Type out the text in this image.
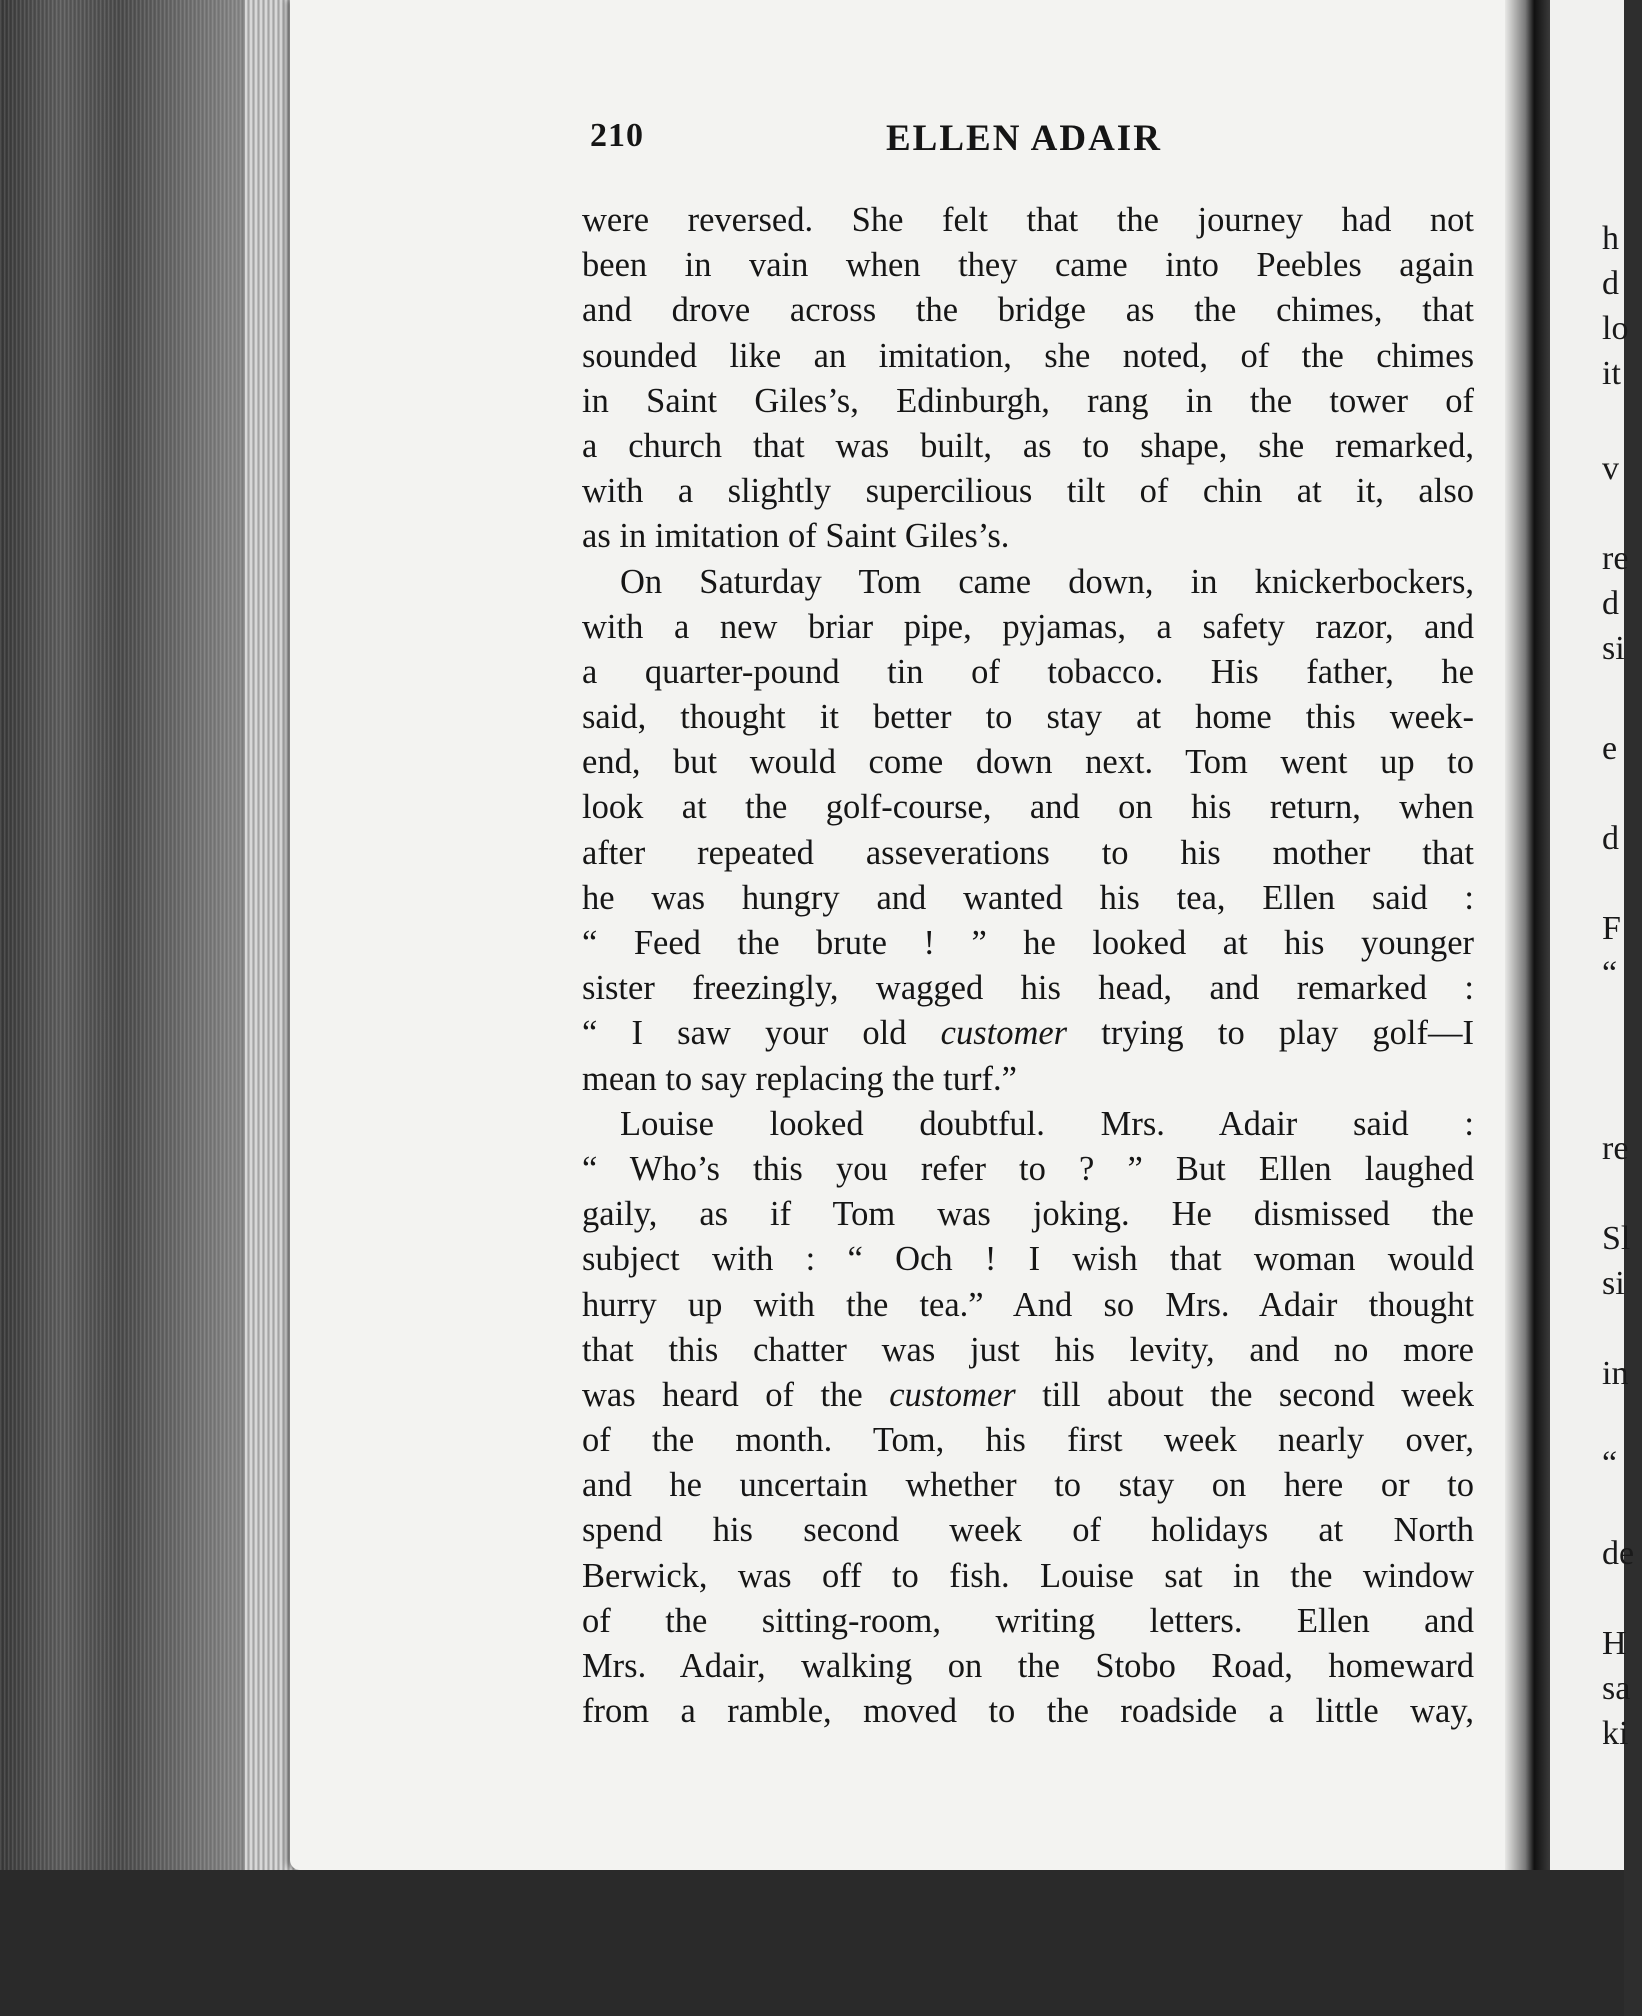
210	ELLEN ADAIR
were reversed. She felt that the journey had not
been in vain when they came into Peebles again
and drove across the bridge as the chimes, that
sounded like an imitation, she noted, of the chimes
in Saint Giles’s, Edinburgh, rang in the tower of
a church that was built, as to shape, she remarked,
with a slightly supercilious tilt of chin at it, also
as in imitation of Saint Giles’s.
On Saturday Tom came down, in knickerbockers,
with a new briar pipe, pyjamas, a safety razor, and
a quarter-pound tin of tobacco. His father, he
said, thought it better to stay at home this week-
end, but would come down next. Tom went up to
look at the golf-course, and on his return, when
after repeated asseverations to his mother that
he was hungry and wanted his tea, Ellen said :
“ Feed the brute ! ” he looked at his younger
sister freezingly, wagged his head, and remarked :
“ I saw your old customer trying to play golf—I
mean to say replacing the turf.”
Louise looked doubtful. Mrs. Adair said :
“ Who’s this you refer to ? ” But Ellen laughed
gaily, as if Tom was joking. He dismissed the
subject with : “ Och ! I wish that woman would
hurry up with the tea.” And so Mrs. Adair thought
that this chatter was just his levity, and no more
was heard of the customer till about the second week
of the month. Tom, his first week nearly over,
and he uncertain whether to stay on here or to
spend his second week of holidays at North
Berwick, was off to fish. Louise sat in the window
of the sitting-room, writing letters. Ellen and
Mrs. Adair, walking on the Stobo Road, homeward
from a ramble, moved to the roadside a little way,
h
d
lo
it
v
re
d
si
e
d
F
“
re
Sl
si
in
“
de
H
sa
ki
